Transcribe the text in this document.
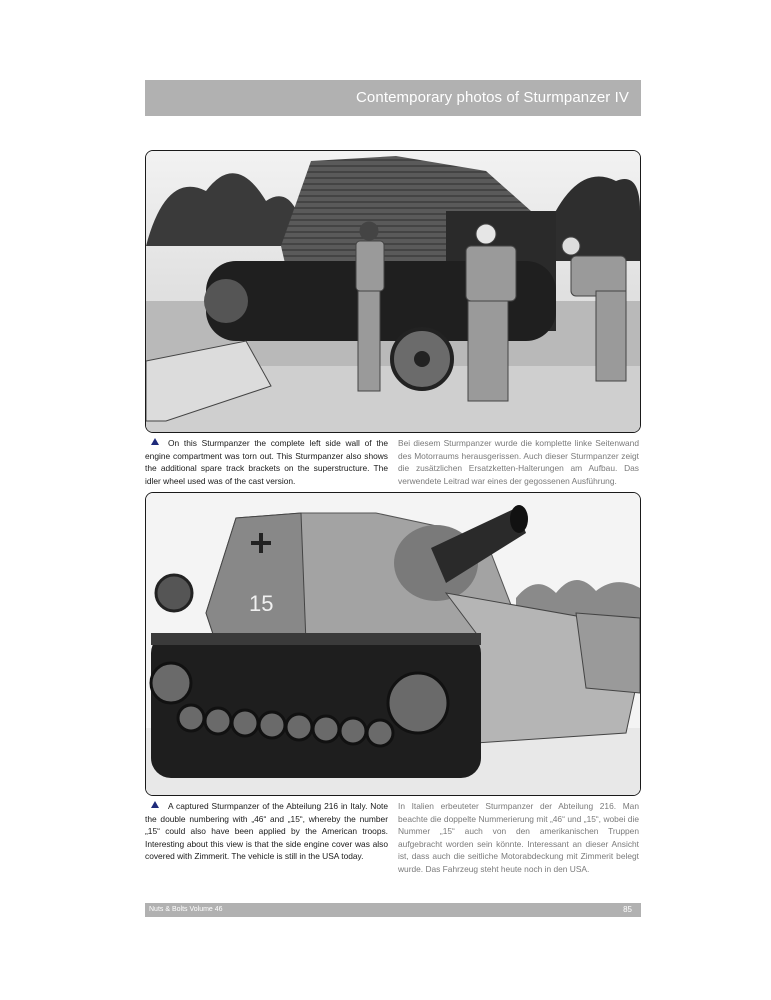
Contemporary photos of Sturmpanzer IV
On this Sturmpanzer the complete left side wall of the engine compartment was torn out. This Sturmpanzer also shows the additional spare track brackets on the superstructure. The idler wheel used was of the cast version.
Bei diesem Sturmpanzer wurde die komplette linke Seitenwand des Motorraums herausgerissen. Auch dieser Sturmpanzer zeigt die zusätzlichen Ersatzketten-Halterungen am Aufbau. Das verwendete Leitrad war eines der gegossenen Ausführung.
15
A captured Sturmpanzer of the Abteilung 216 in Italy. Note the double numbering with „46“ and „15“, whereby the number „15“ could also have been applied by the American troops. Interesting about this view is that the side engine cover was also covered with Zimmerit. The vehicle is still in the USA today.
In Italien erbeuteter Sturmpanzer der Abteilung 216. Man beachte die doppelte Nummerierung mit „46“ und „15“, wobei die Nummer „15“ auch von den amerikanischen Truppen aufgebracht worden sein könnte. Interessant an dieser Ansicht ist, dass auch die seitliche Motorabdeckung mit Zimmerit belegt wurde. Das Fahrzeug steht heute noch in den USA.
Nuts & Bolts Volume 46	85
